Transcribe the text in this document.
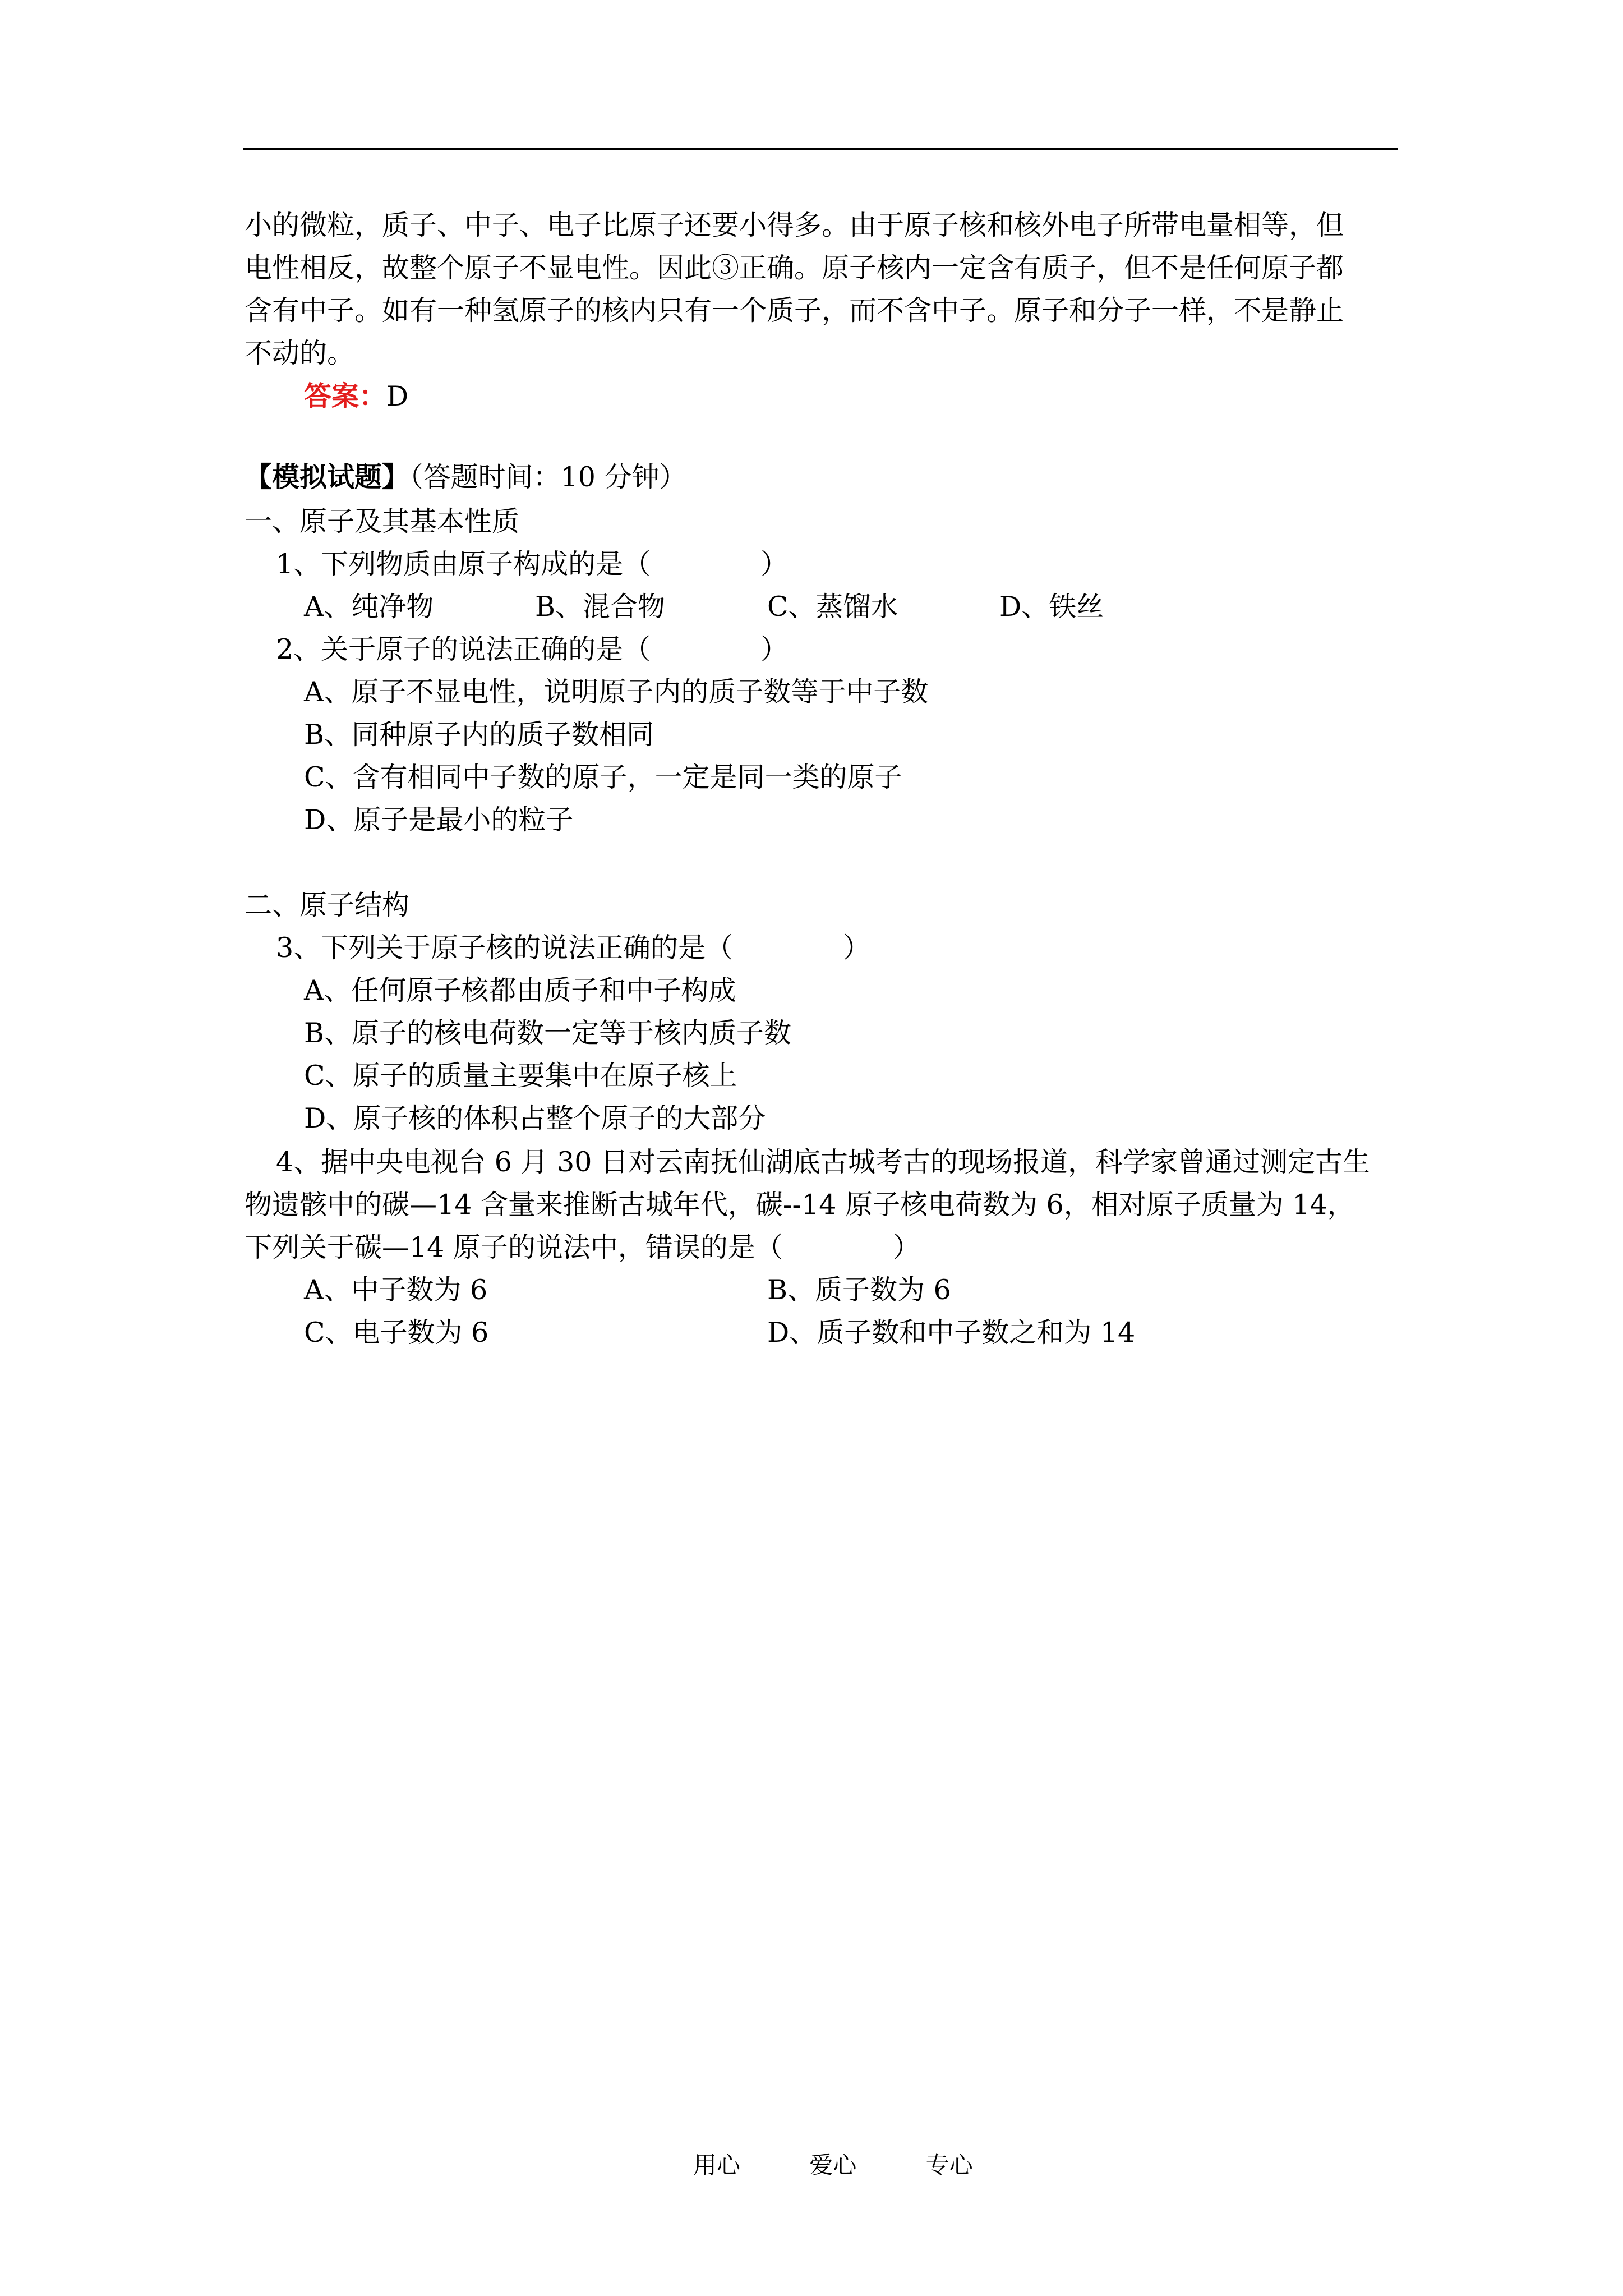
小的微粒，质子、中子、电子比原子还要小得多。由于原子核和核外电子所带电量相等，但
电性相反，故整个原子不显电性。因此③正确。原子核内一定含有质子，但不是任何原子都
含有中子。如有一种氢原子的核内只有一个质子，而不含中子。原子和分子一样，不是静止
不动的。
答案：D
【模拟试题】（答题时间：10 分钟）
一、原子及其基本性质
1、下列物质由原子构成的是（　　　　）
A、纯净物	B、混合物	C、蒸馏水	D、铁丝
2、关于原子的说法正确的是（　　　　）
A、原子不显电性，说明原子内的质子数等于中子数
B、同种原子内的质子数相同
C、含有相同中子数的原子，一定是同一类的原子
D、原子是最小的粒子
二、原子结构
3、下列关于原子核的说法正确的是（　　　　）
A、任何原子核都由质子和中子构成
B、原子的核电荷数一定等于核内质子数
C、原子的质量主要集中在原子核上
D、原子核的体积占整个原子的大部分
4、据中央电视台 6 月 30 日对云南抚仙湖底古城考古的现场报道，科学家曾通过测定古生
物遗骸中的碳—14 含量来推断古城年代，碳--14 原子核电荷数为 6，相对原子质量为 14，
下列关于碳—14 原子的说法中，错误的是（　　　　）
A、中子数为 6	B、质子数为 6
C、电子数为 6	D、质子数和中子数之和为 14
用心	爱心	专心
